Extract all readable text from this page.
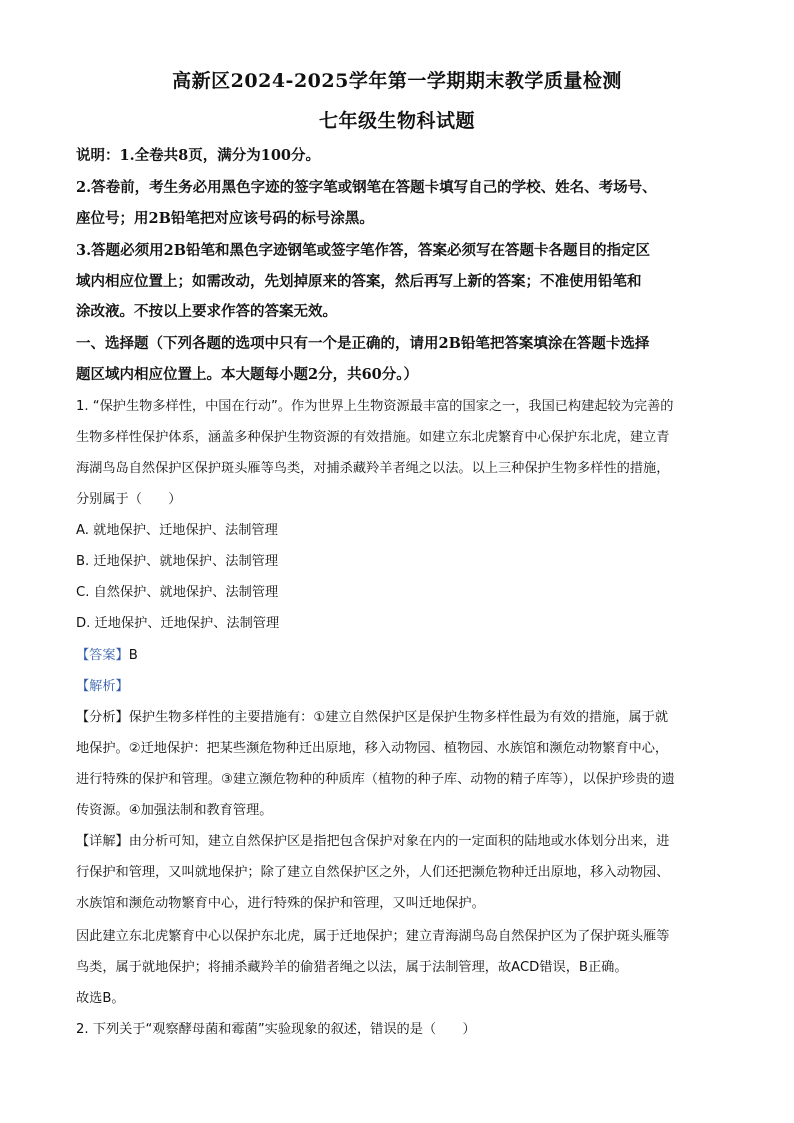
高新区2024-2025学年第一学期期末教学质量检测
七年级生物科试题
说明：1.全卷共8页，满分为100分。
2.答卷前，考生务必用黑色字迹的签字笔或钢笔在答题卡填写自己的学校、姓名、考场号、
座位号；用2B铅笔把对应该号码的标号涂黑。
3.答题必须用2B铅笔和黑色字迹钢笔或签字笔作答，答案必须写在答题卡各题目的指定区
域内相应位置上；如需改动，先划掉原来的答案，然后再写上新的答案；不准使用铅笔和
涂改液。不按以上要求作答的答案无效。
一、选择题（下列各题的选项中只有一个是正确的，请用2B铅笔把答案填涂在答题卡选择
题区域内相应位置上。本大题每小题2分，共60分。）
1. “保护生物多样性，中国在行动”。作为世界上生物资源最丰富的国家之一，我国已构建起较为完善的
生物多样性保护体系，涵盖多种保护生物资源的有效措施。如建立东北虎繁育中心保护东北虎，建立青
海湖鸟岛自然保护区保护斑头雁等鸟类，对捕杀藏羚羊者绳之以法。以上三种保护生物多样性的措施，
分别属于（　　）
A. 就地保护、迁地保护、法制管理
B. 迁地保护、就地保护、法制管理
C. 自然保护、就地保护、法制管理
D. 迁地保护、迁地保护、法制管理
【答案】B
【解析】
【分析】保护生物多样性的主要措施有：①建立自然保护区是保护生物多样性最为有效的措施，属于就
地保护。②迁地保护：把某些濒危物种迁出原地，移入动物园、植物园、水族馆和濒危动物繁育中心，
进行特殊的保护和管理。③建立濒危物种的种质库（植物的种子库、动物的精子库等），以保护珍贵的遗
传资源。④加强法制和教育管理。
【详解】由分析可知，建立自然保护区是指把包含保护对象在内的一定面积的陆地或水体划分出来，进
行保护和管理，又叫就地保护；除了建立自然保护区之外，人们还把濒危物种迁出原地，移入动物园、
水族馆和濒危动物繁育中心，进行特殊的保护和管理，又叫迁地保护。
因此建立东北虎繁育中心以保护东北虎，属于迁地保护；建立青海湖鸟岛自然保护区为了保护斑头雁等
鸟类，属于就地保护；将捕杀藏羚羊的偷猎者绳之以法，属于法制管理，故ACD错误，B正确。
故选B。
2. 下列关于“观察酵母菌和霉菌”实验现象的叙述，错误的是（　　）
